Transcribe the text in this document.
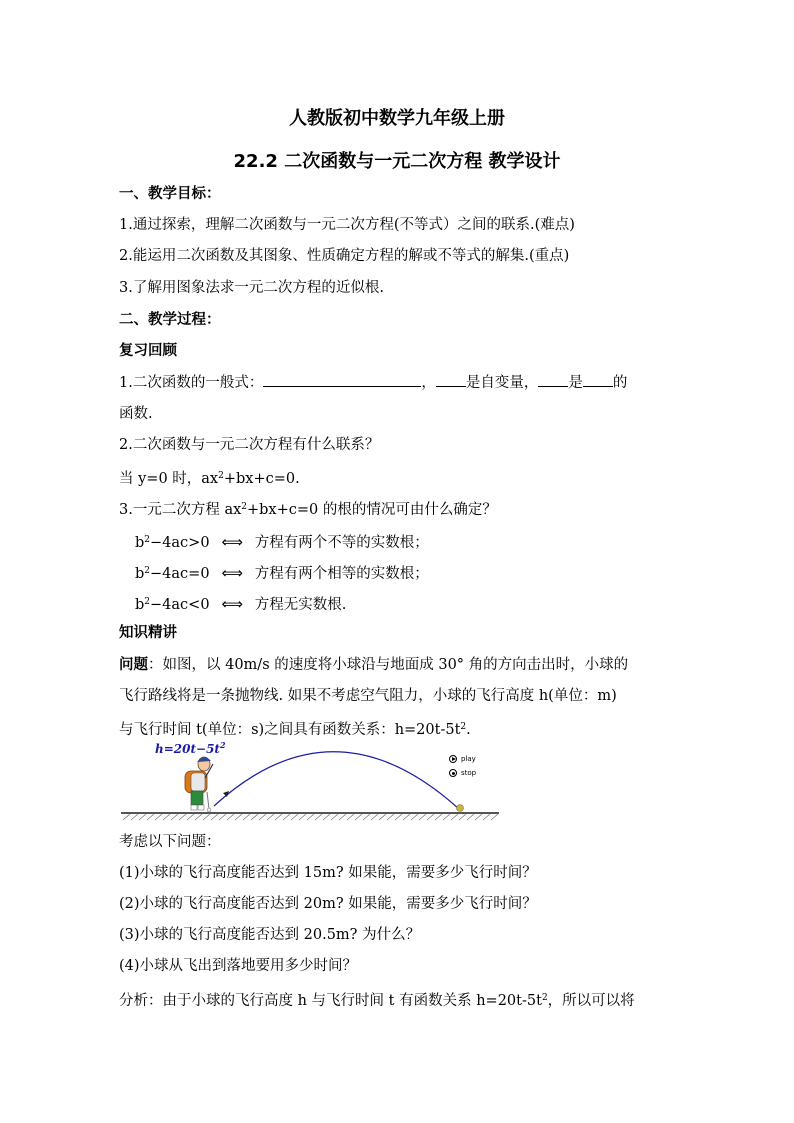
人教版初中数学九年级上册
22.2 二次函数与一元二次方程 教学设计
一、教学目标：
1.通过探索，理解二次函数与一元二次方程(不等式）之间的联系.(难点)
2.能运用二次函数及其图象、性质确定方程的解或不等式的解集.(重点)
3.了解用图象法求一元二次方程的近似根.
二、教学过程：
复习回顾
1.二次函数的一般式：	， 是自变量， 是 的
函数.
2.二次函数与一元二次方程有什么联系？
当 y=0 时，$ax^2+bx+c=0$.
3.一元二次方程 $ax^2+bx+c=0$ 的根的情况可由什么确定？
$b^2-4ac>0$ ⟺ 方程有两个不等的实数根；
$b^2-4ac=0$ ⟺ 方程有两个相等的实数根；
$b^2-4ac<0$ ⟺ 方程无实数根.
知识精讲
问题：如图，以 40m/s 的速度将小球沿与地面成 30° 角的方向击出时，小球的
飞行路线将是一条抛物线. 如果不考虑空气阻力，小球的飞行高度 h(单位：m)
与飞行时间 t(单位：s)之间具有函数关系：$h=20t-5t^2$.
$h=20t-5t^2$
play
stop
考虑以下问题：
(1)小球的飞行高度能否达到 15m? 如果能，需要多少飞行时间？
(2)小球的飞行高度能否达到 20m? 如果能，需要多少飞行时间？
(3)小球的飞行高度能否达到 20.5m? 为什么？
(4)小球从飞出到落地要用多少时间？
分析：由于小球的飞行高度 h 与飞行时间 t 有函数关系 $h=20t-5t^2$，所以可以将
